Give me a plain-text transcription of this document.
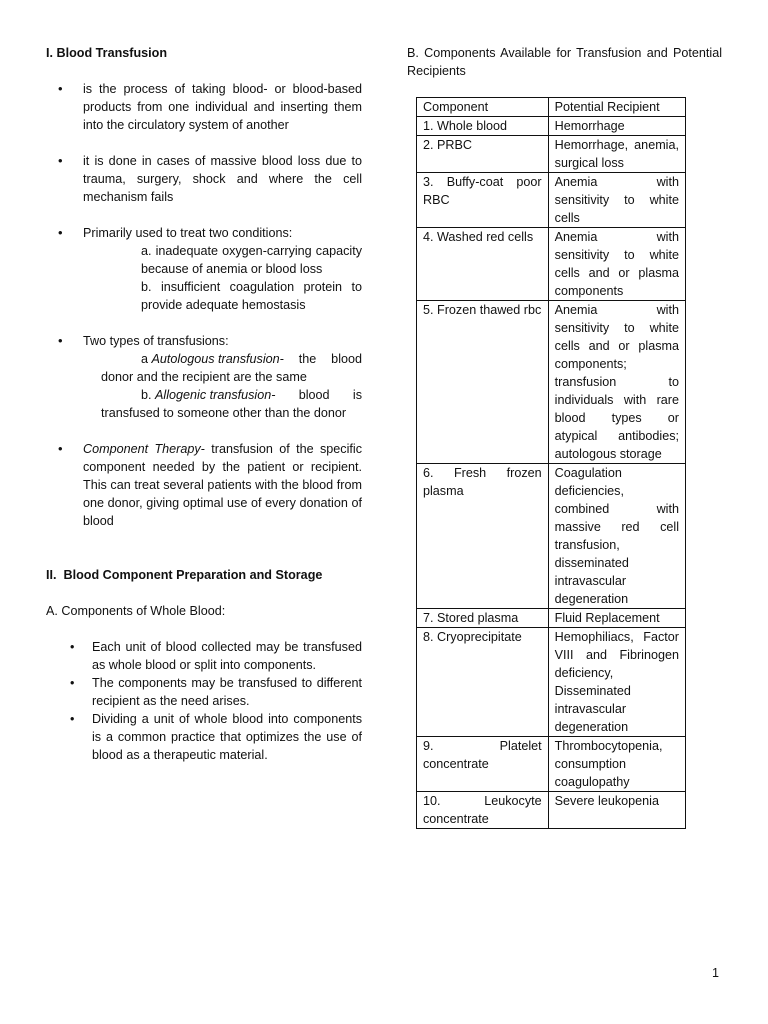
I. Blood Transfusion

• is the process of taking blood- or blood-based products from one individual and inserting them into the circulatory system of another
• it is done in cases of massive blood loss due to trauma, surgery, shock and where the cell mechanism fails
• Primarily used to treat two conditions:

a. inadequate oxygen-carrying capacity because of anemia or blood loss

b. insufficient coagulation protein to provide adequate hemostasis

• Two types of transfusions:

a Autologous transfusion- the blood donor and the recipient are the same

b. Allogenic transfusion- blood is transfused to someone other than the donor

• Component Therapy- transfusion of the specific component needed by the patient or recipient. This can treat several patients with the blood from one donor, giving optimal use of every donation of blood

II. Blood Component Preparation and Storage

A. Components of Whole Blood:

• Each unit of blood collected may be transfused as whole blood or split into components.
• The components may be transfused to different recipient as the need arises.
• Dividing a unit of whole blood into components is a common practice that optimizes the use of blood as a therapeutic material.

B. Components Available for Transfusion and Potential Recipients

Component	Potential Recipient
1. Whole blood	Hemorrhage
2. PRBC	Hemorrhage, anemia, surgical loss
3. Buffy-coat poor RBC	Anemia with sensitivity to white cells
4. Washed red cells	Anemia with sensitivity to white cells and or plasma components
5. Frozen thawed rbc	Anemia with sensitivity to white cells and or plasma components; transfusion to individuals with rare blood types or atypical antibodies; autologous storage
6. Fresh frozen plasma	Coagulation deficiencies, combined with massive red cell transfusion, disseminated intravascular degeneration
7. Stored plasma	Fluid Replacement
8. Cryoprecipitate	Hemophiliacs, Factor VIII and Fibrinogen deficiency, Disseminated intravascular degeneration
9. Platelet concentrate	Thrombocytopenia, consumption coagulopathy
10. Leukocyte concentrate	Severe leukopenia
1
